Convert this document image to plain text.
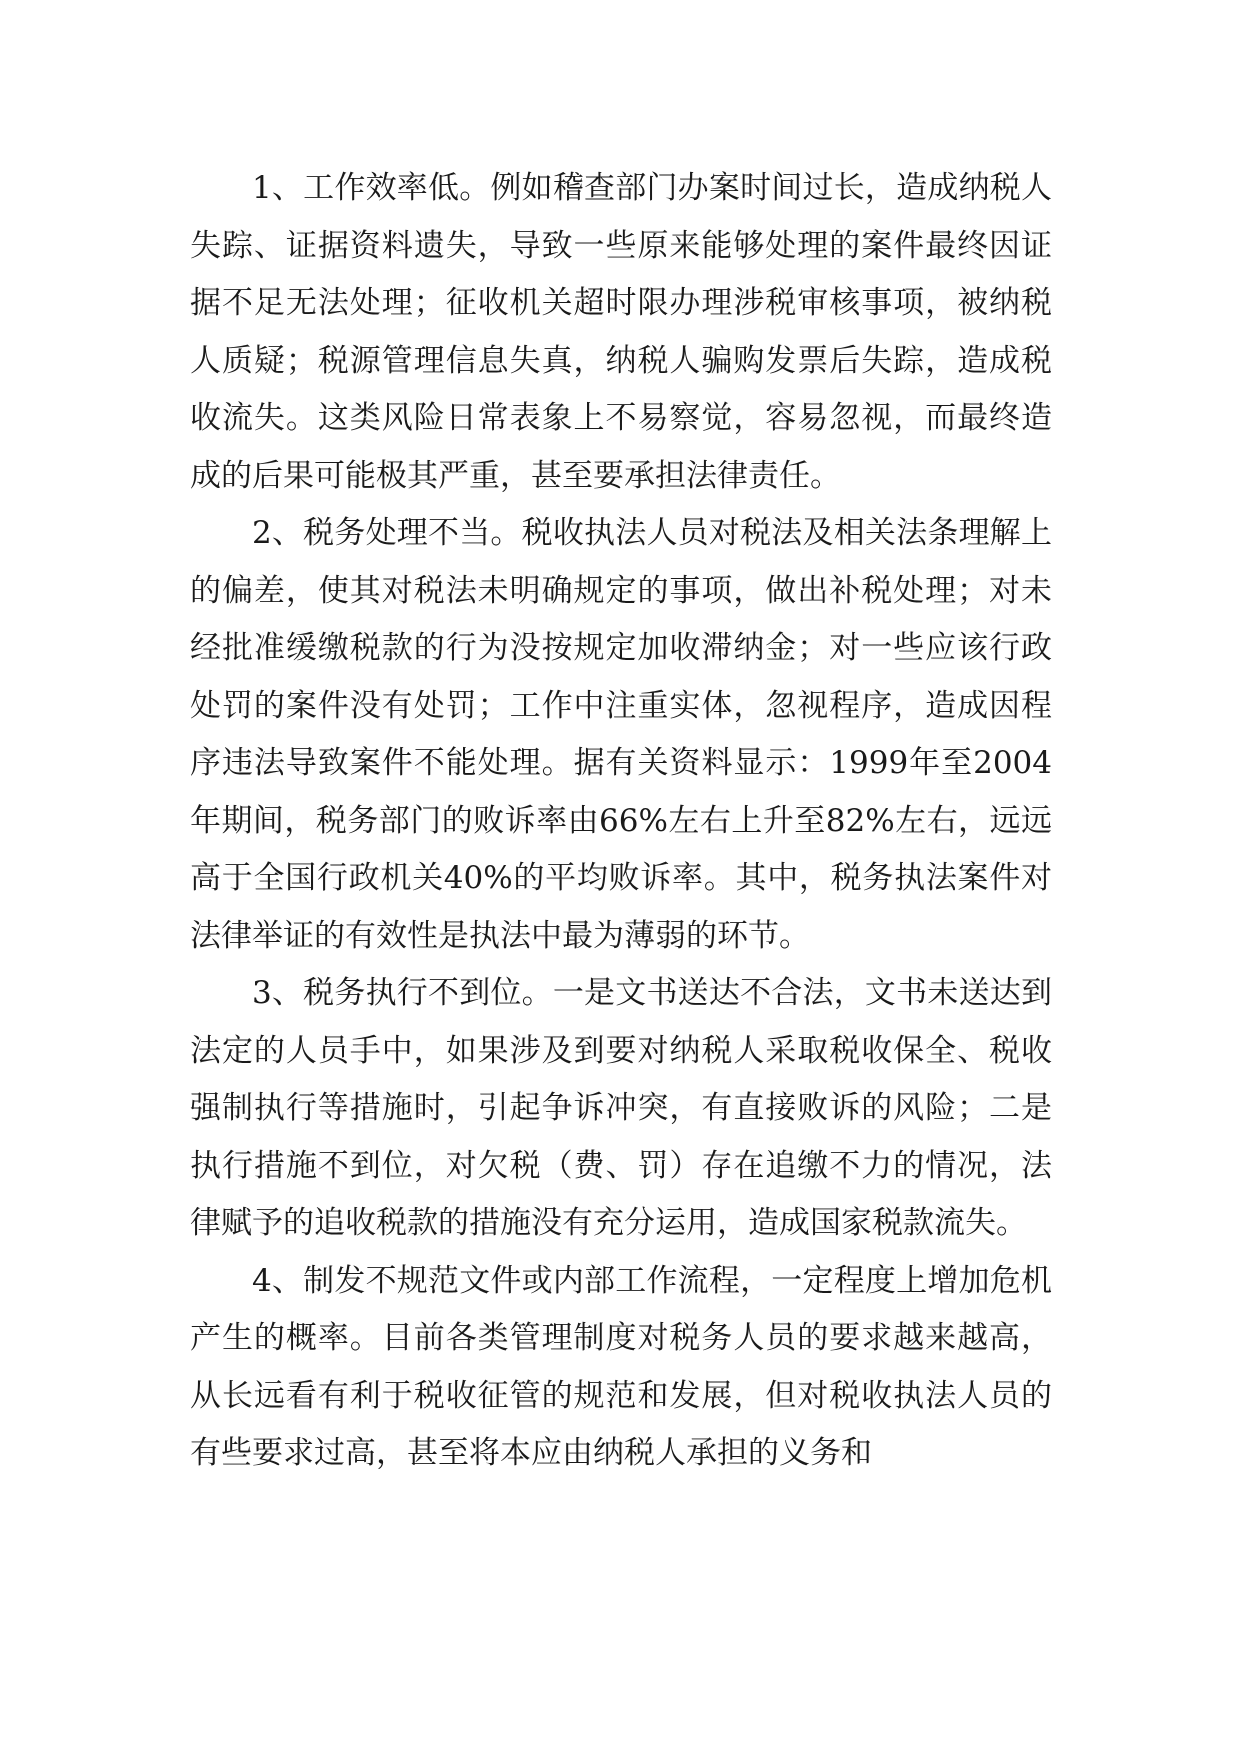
1、工作效率低。例如稽查部门办案时间过长，造成纳税人失踪、证据资料遗失，导致一些原来能够处理的案件最终因证据不足无法处理；征收机关超时限办理涉税审核事项，被纳税人质疑；税源管理信息失真，纳税人骗购发票后失踪，造成税收流失。这类风险日常表象上不易察觉，容易忽视，而最终造成的后果可能极其严重，甚至要承担法律责任。

2、税务处理不当。税收执法人员对税法及相关法条理解上的偏差，使其对税法未明确规定的事项，做出补税处理；对未经批准缓缴税款的行为没按规定加收滞纳金；对一些应该行政处罚的案件没有处罚；工作中注重实体，忽视程序，造成因程序违法导致案件不能处理。据有关资料显示：1999年至2004年期间，税务部门的败诉率由66%左右上升至82%左右，远远高于全国行政机关40%的平均败诉率。其中，税务执法案件对法律举证的有效性是执法中最为薄弱的环节。

3、税务执行不到位。一是文书送达不合法，文书未送达到法定的人员手中，如果涉及到要对纳税人采取税收保全、税收强制执行等措施时，引起争诉冲突，有直接败诉的风险；二是执行措施不到位，对欠税（费、罚）存在追缴不力的情况，法律赋予的追收税款的措施没有充分运用，造成国家税款流失。

4、制发不规范文件或内部工作流程，一定程度上增加危机产生的概率。目前各类管理制度对税务人员的要求越来越高，从长远看有利于税收征管的规范和发展，但对税收执法人员的有些要求过高，甚至将本应由纳税人承担的义务和
